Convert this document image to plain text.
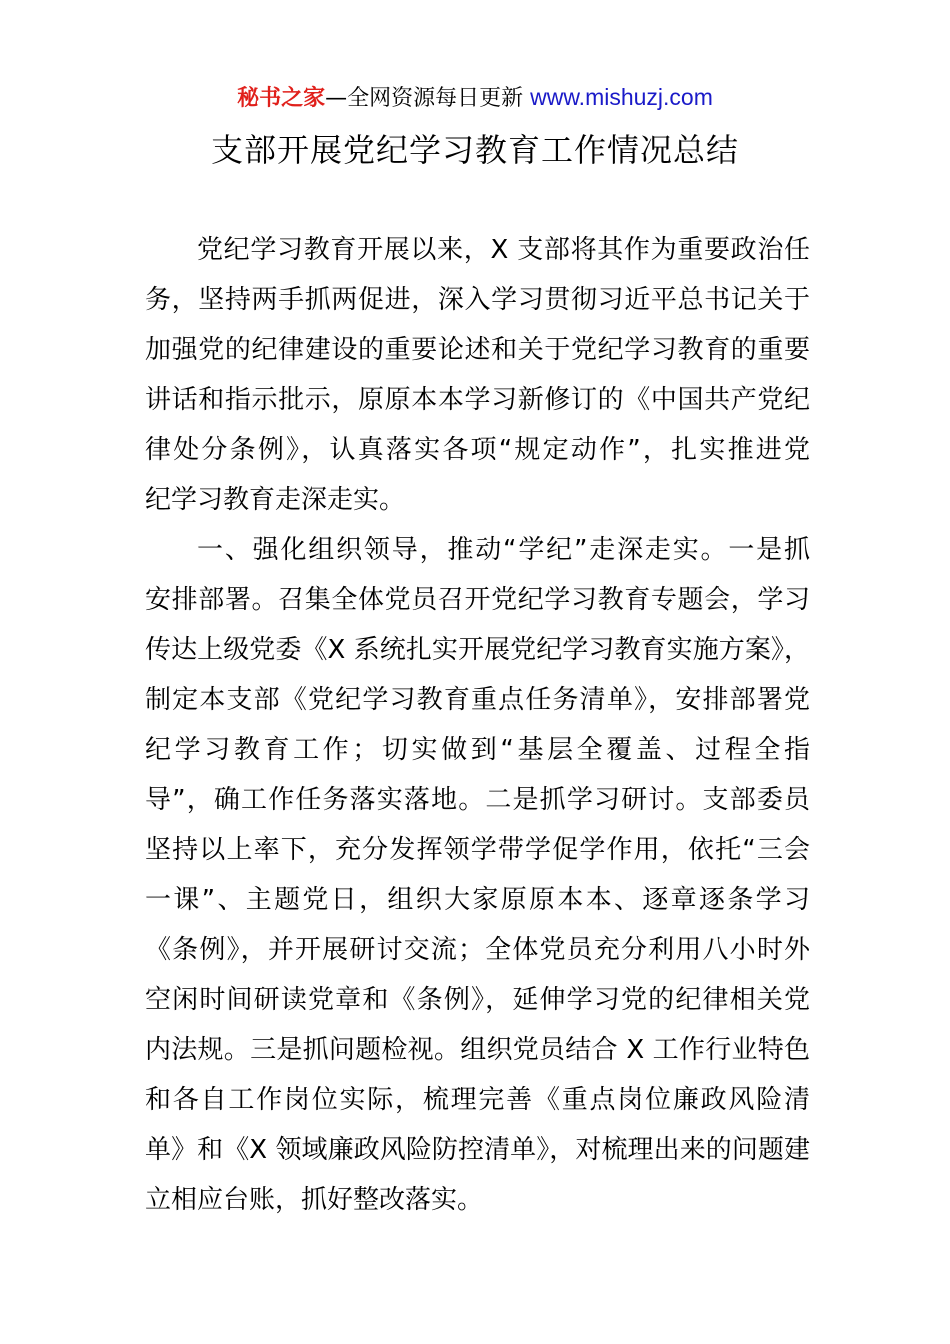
秘书之家—全网资源每日更新 www.mishuzj.com
支部开展党纪学习教育工作情况总结
党纪学习教育开展以来，X 支部将其作为重要政治任
务，坚持两手抓两促进，深入学习贯彻习近平总书记关于
加强党的纪律建设的重要论述和关于党纪学习教育的重要
讲话和指示批示，原原本本学习新修订的《中国共产党纪
律处分条例》，认真落实各项“规定动作”，扎实推进党
纪学习教育走深走实。
一、强化组织领导，推动“学纪”走深走实。一是抓
安排部署。召集全体党员召开党纪学习教育专题会，学习
传达上级党委《X 系统扎实开展党纪学习教育实施方案》，
制定本支部《党纪学习教育重点任务清单》，安排部署党
纪学习教育工作；切实做到“基层全覆盖、过程全指
导”，确工作任务落实落地。二是抓学习研讨。支部委员
坚持以上率下，充分发挥领学带学促学作用，依托“三会
一课”、主题党日，组织大家原原本本、逐章逐条学习
《条例》，并开展研讨交流；全体党员充分利用八小时外
空闲时间研读党章和《条例》，延伸学习党的纪律相关党
内法规。三是抓问题检视。组织党员结合 X 工作行业特色
和各自工作岗位实际，梳理完善《重点岗位廉政风险清
单》和《X 领域廉政风险防控清单》，对梳理出来的问题建
立相应台账，抓好整改落实。
